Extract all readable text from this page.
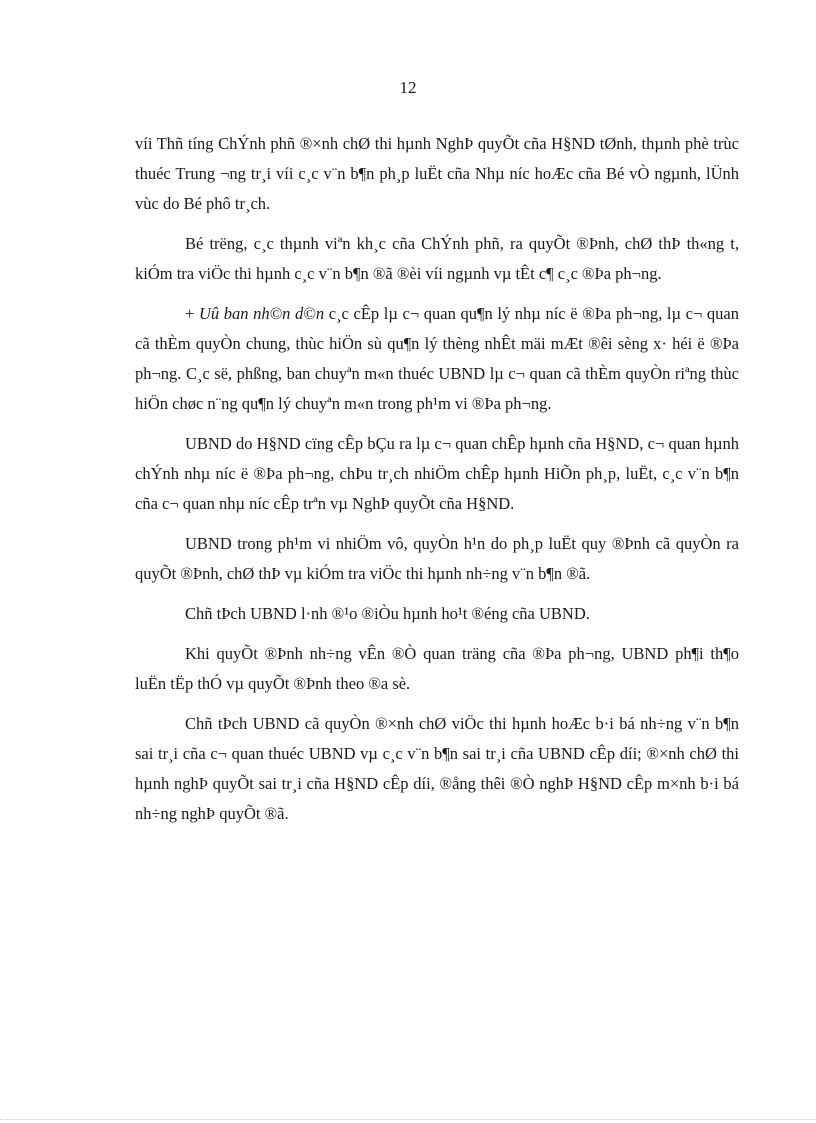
12

víi Thñ tíng ChÝnh phñ ®×nh chØ thi hµnh NghÞ quyÕt cña H§ND tØnh, thµnh phè trùc thuéc Trung ¬ng tr¸i víi c¸c v¨n b¶n ph¸p luËt cña Nhµ níc hoÆc cña Bé vÒ ngµnh, lÜnh vùc do Bé phô tr¸ch.

Bé trëng, c¸c thµnh viªn kh¸c cña ChÝnh phñ, ra quyÕt ®Þnh, chØ thÞ th«ng t, kiÓm tra viÖc thi hµnh c¸c v¨n b¶n ®ã ®èi víi ngµnh vµ tÊt c¶ c¸c ®Þa ph¬ng.

+ Uû ban nh©n d©n c¸c cÊp lµ c¬ quan qu¶n lý nhµ níc ë ®Þa ph¬ng, lµ c¬ quan cã thÈm quyÒn chung, thùc hiÖn sù qu¶n lý thèng nhÊt mäi mÆt ®êi sèng x· héi ë ®Þa ph¬ng. C¸c së, phßng, ban chuyªn m«n thuéc UBND lµ c¬ quan cã thÈm quyÒn riªng thùc hiÖn chøc n¨ng qu¶n lý chuyªn m«n trong ph¹m vi ®Þa ph¬ng.

UBND do H§ND cïng cÊp bÇu ra lµ c¬ quan chÊp hµnh cña H§ND, c¬ quan hµnh chÝnh nhµ níc ë ®Þa ph¬ng, chÞu tr¸ch nhiÖm chÊp hµnh HiÕn ph¸p, luËt, c¸c v¨n b¶n cña c¬ quan nhµ níc cÊp trªn vµ NghÞ quyÕt cña H§ND.

UBND trong ph¹m vi nhiÖm vô, quyÒn h¹n do ph¸p luËt quy ®Þnh cã quyÒn ra quyÕt ®Þnh, chØ thÞ vµ kiÓm tra viÖc thi hµnh nh÷ng v¨n b¶n ®ã.

Chñ tÞch UBND l·nh ®¹o ®iÒu hµnh ho¹t ®éng cña UBND.

Khi quyÕt ®Þnh nh÷ng vÊn ®Ò quan träng cña ®Þa ph¬ng, UBND ph¶i th¶o luËn tËp thÓ vµ quyÕt ®Þnh theo ®a sè.

Chñ tÞch UBND cã quyÒn ®×nh chØ viÖc thi hµnh hoÆc b·i bá nh÷ng v¨n b¶n sai tr¸i cña c¬ quan thuéc UBND vµ c¸c v¨n b¶n sai tr¸i cña UBND cÊp díi; ®×nh chØ thi hµnh nghÞ quyÕt sai tr¸i cña H§ND cÊp díi, ®ång thêi ®Ò nghÞ H§ND cÊp m×nh b·i bá nh÷ng nghÞ quyÕt ®ã.
